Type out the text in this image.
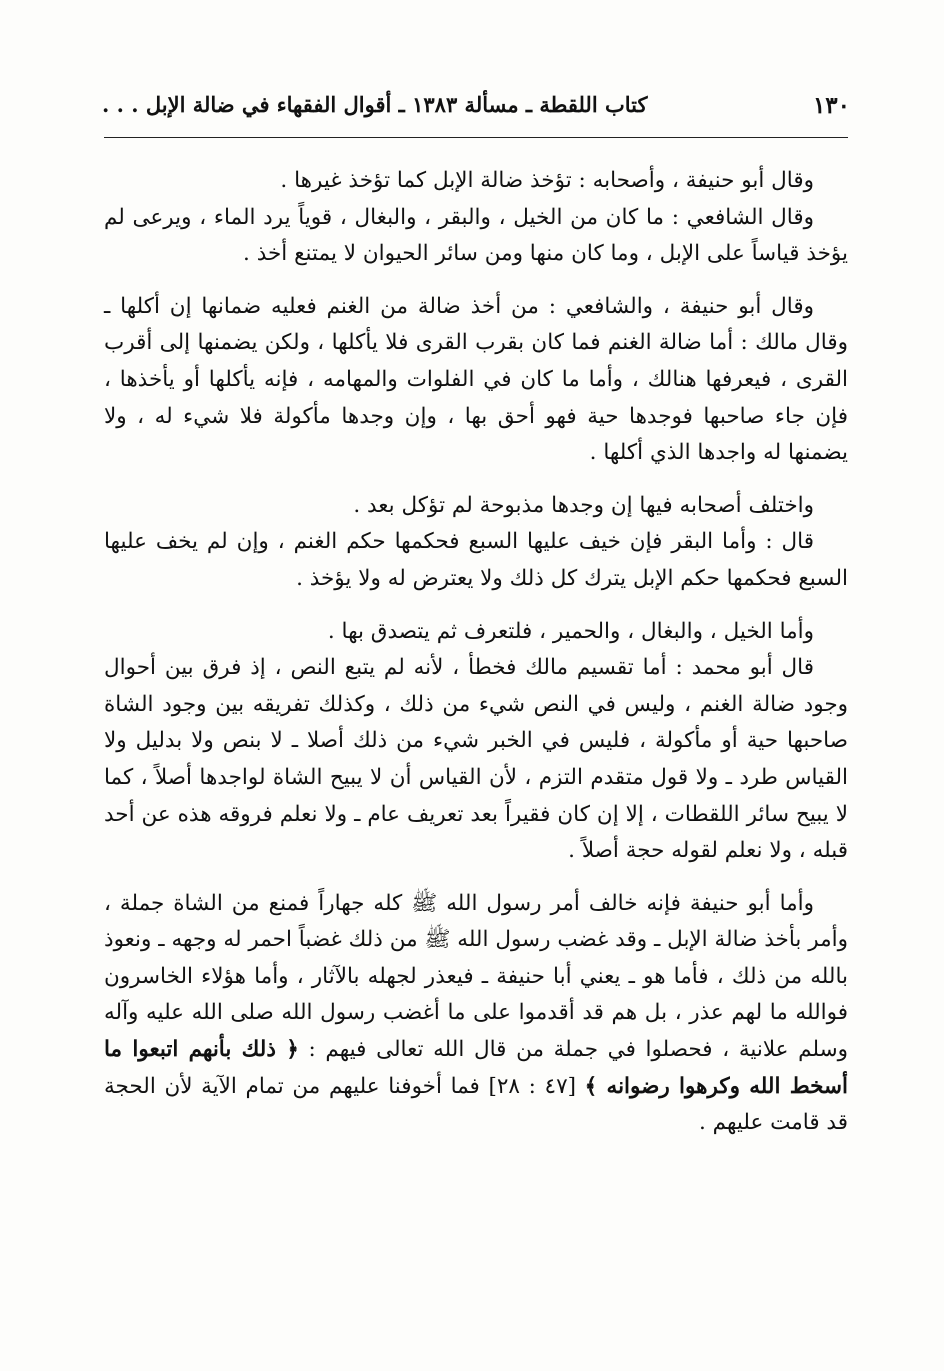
١٣٠
كتاب اللقطة ـ مسألة ١٣٨٣ ـ أقوال الفقهاء في ضالة الإبل . . .

وقال أبو حنيفة ، وأصحابه : تؤخذ ضالة الإبل كما تؤخذ غيرها .

وقال الشافعي : ما كان من الخيل ، والبقر ، والبغال ، قوياً يرد الماء ، ويرعى لم يؤخذ قياساً على الإبل ، وما كان منها ومن سائر الحيوان لا يمتنع أخذ .

وقال أبو حنيفة ، والشافعي : من أخذ ضالة من الغنم فعليه ضمانها إن أكلها ـ وقال مالك : أما ضالة الغنم فما كان بقرب القرى فلا يأكلها ، ولكن يضمنها إلى أقرب القرى ، فيعرفها هنالك ، وأما ما كان في الفلوات والمهامه ، فإنه يأكلها أو يأخذها ، فإن جاء صاحبها فوجدها حية فهو أحق بها ، وإن وجدها مأكولة فلا شيء له ، ولا يضمنها له واجدها الذي أكلها .

واختلف أصحابه فيها إن وجدها مذبوحة لم تؤكل بعد .

قال : وأما البقر فإن خيف عليها السبع فحكمها حكم الغنم ، وإن لم يخف عليها السبع فحكمها حكم الإبل يترك كل ذلك ولا يعترض له ولا يؤخذ .

وأما الخيل ، والبغال ، والحمير ، فلتعرف ثم يتصدق بها .

قال أبو محمد : أما تقسيم مالك فخطأ ، لأنه لم يتبع النص ، إذ فرق بين أحوال وجود ضالة الغنم ، وليس في النص شيء من ذلك ، وكذلك تفريقه بين وجود الشاة صاحبها حية أو مأكولة ، فليس في الخبر شيء من ذلك أصلا ـ لا بنص ولا بدليل ولا القياس طرد ـ ولا قول متقدم التزم ، لأن القياس أن لا يبيح الشاة لواجدها أصلاً ، كما لا يبيح سائر اللقطات ، إلا إن كان فقيراً بعد تعريف عام ـ ولا نعلم فروقه هذه عن أحد قبله ، ولا نعلم لقوله حجة أصلاً .

وأما أبو حنيفة فإنه خالف أمر رسول الله ﷺ كله جهاراً فمنع من الشاة جملة ، وأمر بأخذ ضالة الإبل ـ وقد غضب رسول الله ﷺ من ذلك غضباً احمر له وجهه ـ ونعوذ بالله من ذلك ، فأما هو ـ يعني أبا حنيفة ـ فيعذر لجهله بالآثار ، وأما هؤلاء الخاسرون فوالله ما لهم عذر ، بل هم قد أقدموا على ما أغضب رسول الله صلى الله عليه وآله وسلم علانية ، فحصلوا في جملة من قال الله تعالى فيهم : ﴿ ذلك بأنهم اتبعوا ما أسخط الله وكرهوا رضوانه ﴾ [٤٧ : ٢٨] فما أخوفنا عليهم من تمام الآية لأن الحجة قد قامت عليهم .
